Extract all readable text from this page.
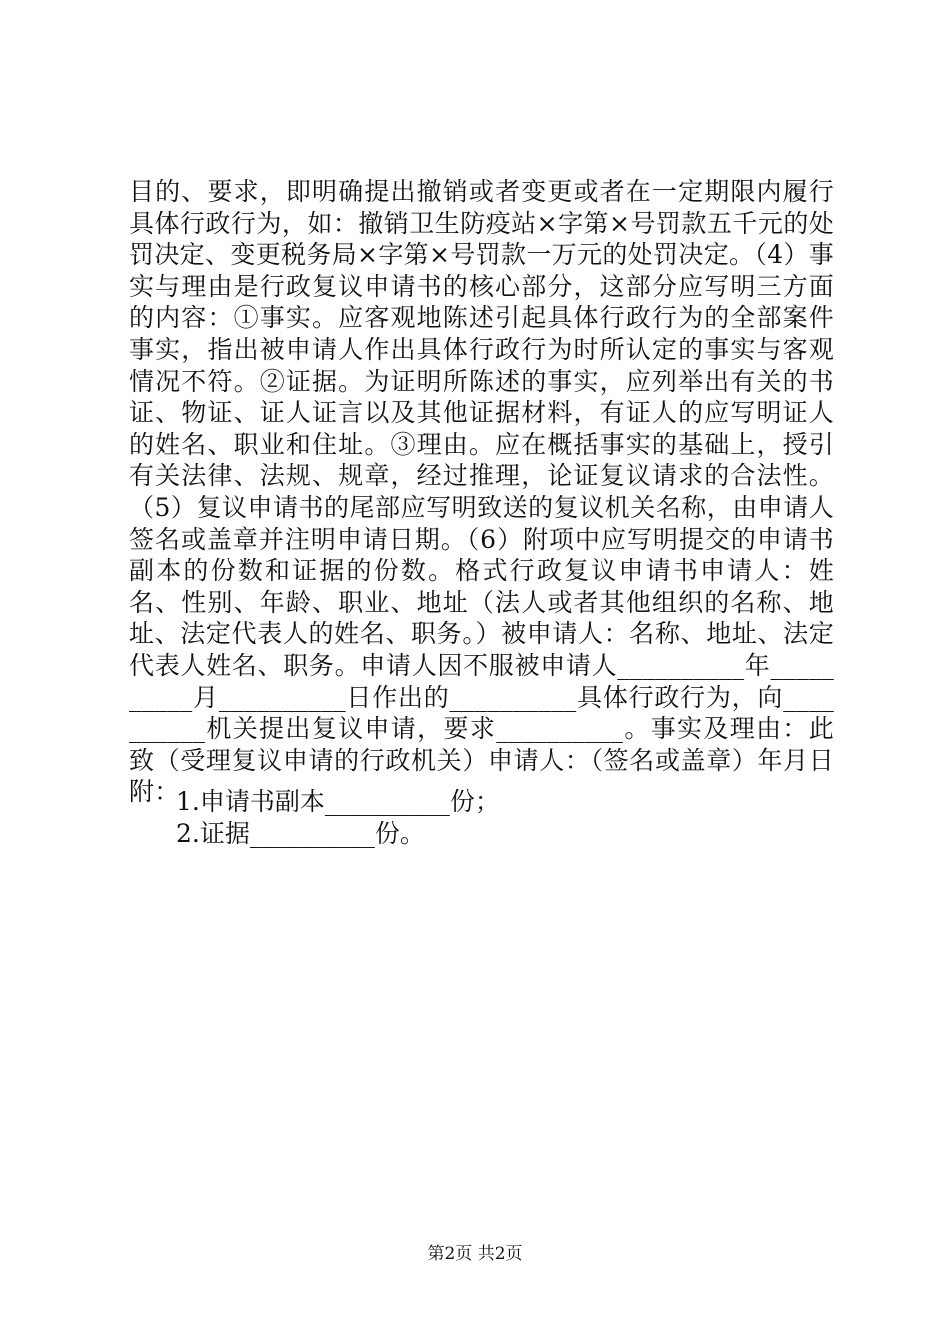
目的、要求，即明确提出撤销或者变更或者在一定期限内履行具体行政行为，如：撤销卫生防疫站×字第×号罚款五千元的处罚决定、变更税务局×字第×号罚款一万元的处罚决定。（4）事实与理由是行政复议申请书的核心部分，这部分应写明三方面的内容：①事实。应客观地陈述引起具体行政行为的全部案件事实，指出被申请人作出具体行政行为时所认定的事实与客观情况不符。②证据。为证明所陈述的事实，应列举出有关的书证、物证、证人证言以及其他证据材料，有证人的应写明证人的姓名、职业和住址。③理由。应在概括事实的基础上，授引有关法律、法规、规章，经过推理，论证复议请求的合法性。（5）复议申请书的尾部应写明致送的复议机关名称，由申请人签名或盖章并注明申请日期。（6）附项中应写明提交的申请书副本的份数和证据的份数。格式行政复议申请书申请人：姓名、性别、年龄、职业、地址（法人或者其他组织的名称、地址、法定代表人的姓名、职务。）被申请人：名称、地址、法定代表人姓名、职务。申请人因不服被申请人__________年__________月__________日作出的__________具体行政行为，向__________机关提出复议申请，要求__________。事实及理由：此致（受理复议申请的行政机关）申请人：（签名或盖章）年月日附：

1.申请书副本__________份；
2.证据__________份。
第2页 共2页
